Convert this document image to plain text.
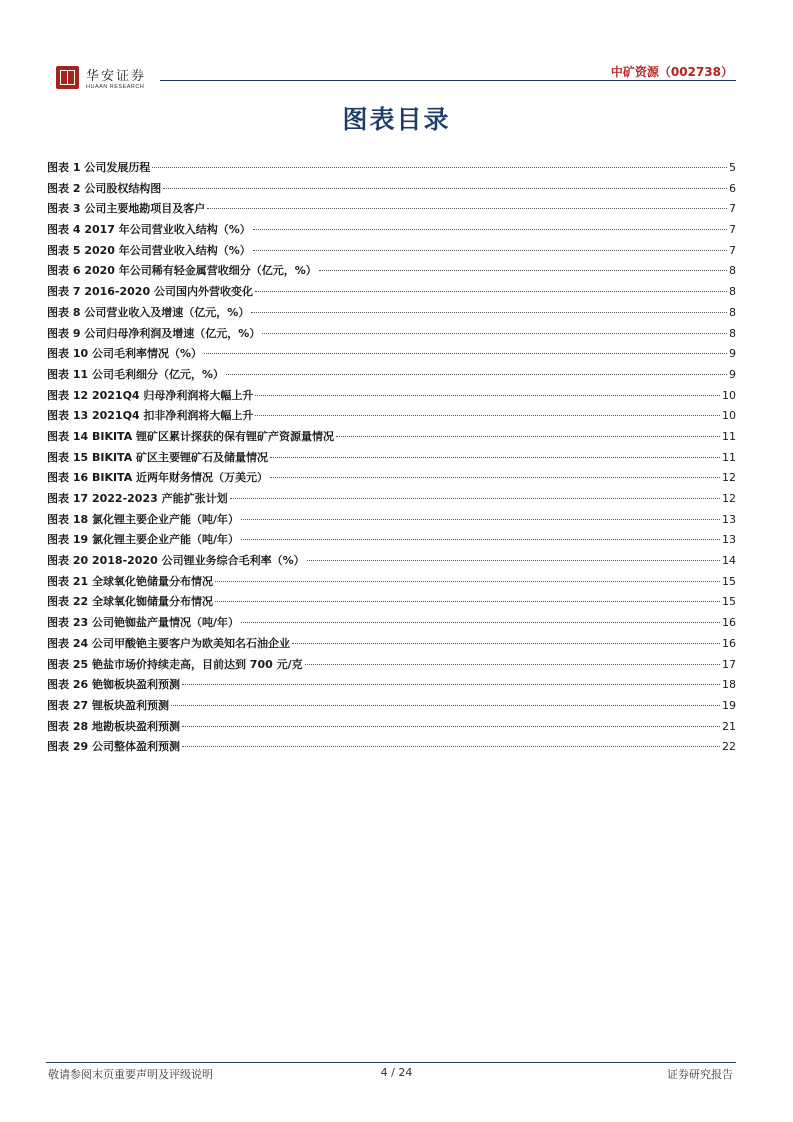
华安证券
HUAAN RESEARCH
中矿资源（002738）
图表目录
图表 1 公司发展历程	5
图表 2 公司股权结构图	6
图表 3 公司主要地勘项目及客户	7
图表 4 2017 年公司营业收入结构（%）	7
图表 5 2020 年公司营业收入结构（%）	7
图表 6 2020 年公司稀有轻金属营收细分（亿元，%）	8
图表 7 2016-2020 公司国内外营收变化	8
图表 8 公司营业收入及增速（亿元，%）	8
图表 9 公司归母净利润及增速（亿元，%）	8
图表 10 公司毛利率情况（%）	9
图表 11 公司毛利细分（亿元，%）	9
图表 12 2021Q4 归母净利润将大幅上升	10
图表 13 2021Q4 扣非净利润将大幅上升	10
图表 14 BIKITA 锂矿区累计探获的保有锂矿产资源量情况	11
图表 15 BIKITA 矿区主要锂矿石及储量情况	11
图表 16 BIKITA 近两年财务情况（万美元）	12
图表 17 2022-2023 产能扩张计划	12
图表 18 氯化锂主要企业产能（吨/年）	13
图表 19 氯化锂主要企业产能（吨/年）	13
图表 20 2018-2020 公司锂业务综合毛利率（%）	14
图表 21 全球氧化铯储量分布情况	15
图表 22 全球氧化铷储量分布情况	15
图表 23 公司铯铷盐产量情况（吨/年）	16
图表 24 公司甲酸铯主要客户为欧美知名石油企业	16
图表 25 铯盐市场价持续走高，目前达到 700 元/克	17
图表 26 铯铷板块盈利预测	18
图表 27 锂板块盈利预测	19
图表 28 地勘板块盈利预测	21
图表 29 公司整体盈利预测	22
敬请参阅末页重要声明及评级说明	4 / 24	证券研究报告
